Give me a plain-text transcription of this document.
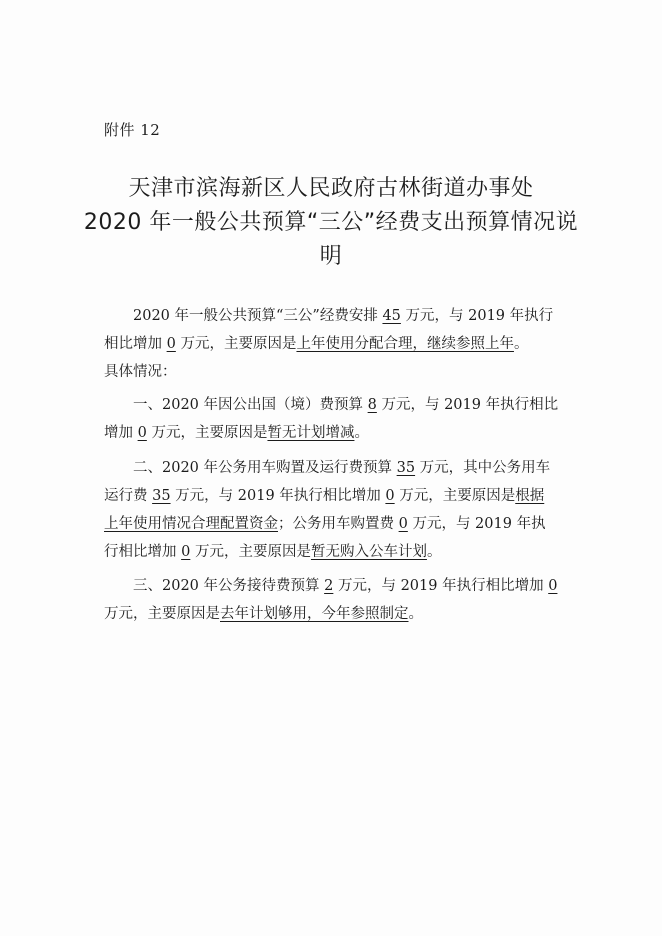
附件 12
天津市滨海新区人民政府古林街道办事处
2020 年一般公共预算“三公”经费支出预算情况说
明
2020 年一般公共预算“三公”经费安排 45 万元，与 2019 年执行
相比增加 0 万元，主要原因是上年使用分配合理，继续参照上年。
具体情况：
一、2020 年因公出国（境）费预算 8 万元，与 2019 年执行相比
增加 0 万元，主要原因是暂无计划增减。
二、2020 年公务用车购置及运行费预算 35 万元，其中公务用车
运行费 35 万元，与 2019 年执行相比增加 0 万元，主要原因是根据
上年使用情况合理配置资金；公务用车购置费 0 万元，与 2019 年执
行相比增加 0 万元，主要原因是暂无购入公车计划。
三、2020 年公务接待费预算 2 万元，与 2019 年执行相比增加 0
万元，主要原因是去年计划够用，今年参照制定。
